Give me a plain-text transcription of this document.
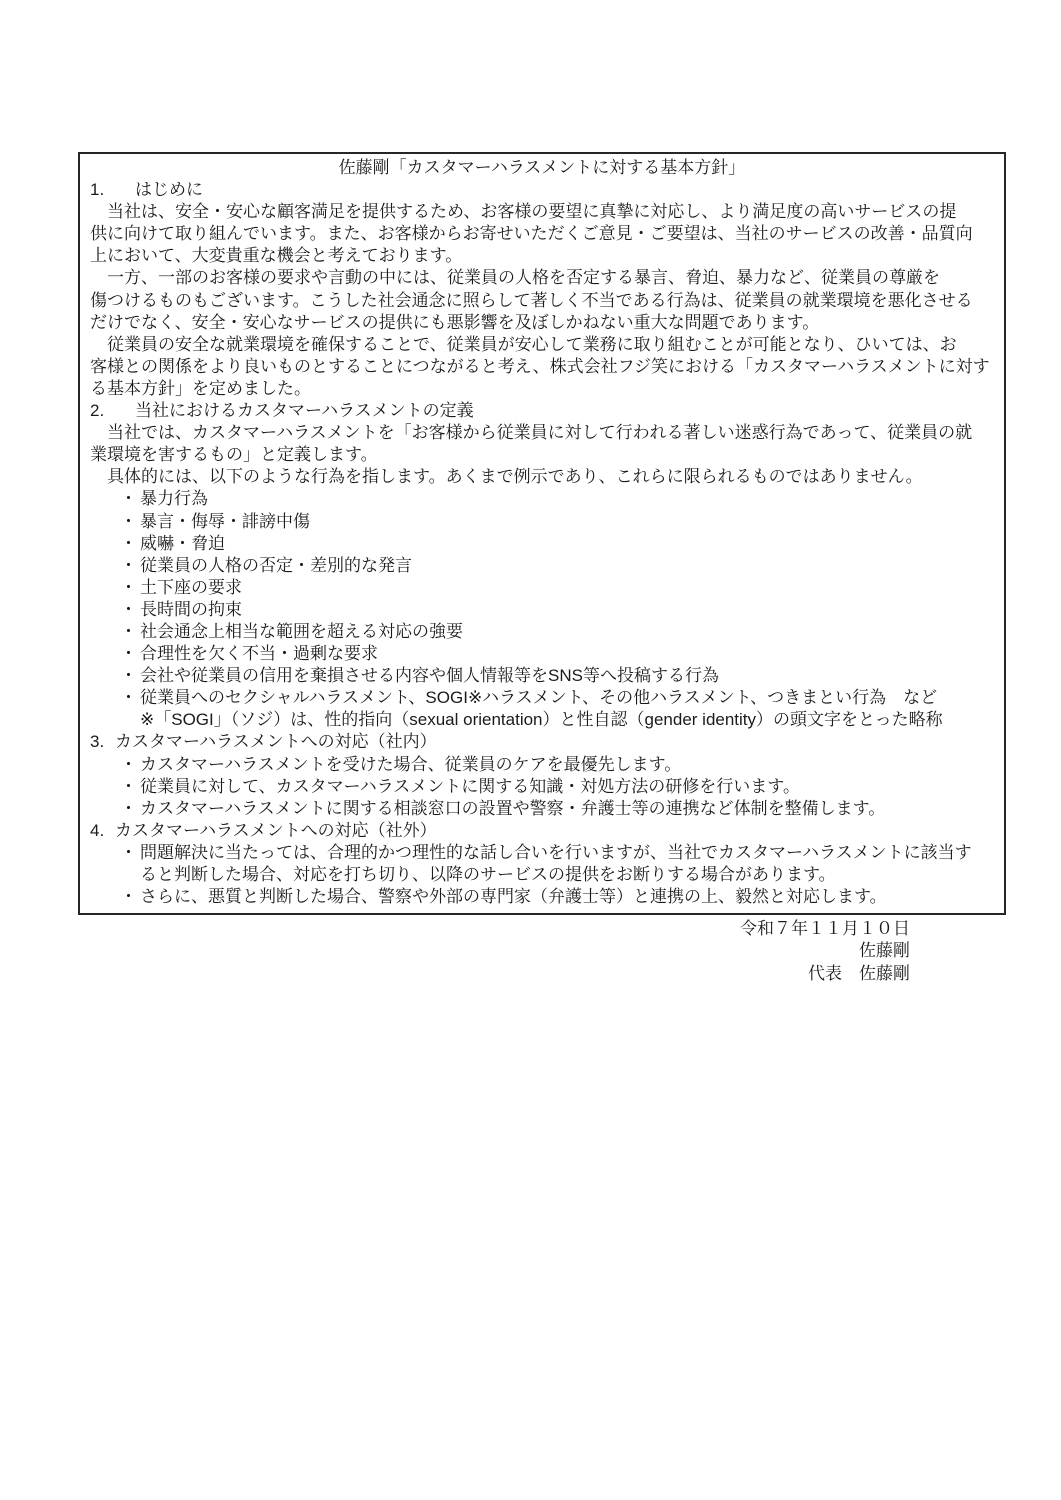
佐藤剛「カスタマーハラスメントに対する基本方針」
1. はじめに
　当社は、安全・安心な顧客満足を提供するため、お客様の要望に真摯に対応し、より満足度の高いサービスの提
供に向けて取り組んでいます。また、お客様からお寄せいただくご意見・ご要望は、当社のサービスの改善・品質向
上において、大変貴重な機会と考えております。
　一方、一部のお客様の要求や言動の中には、従業員の人格を否定する暴言、脅迫、暴力など、従業員の尊厳を
傷つけるものもございます。こうした社会通念に照らして著しく不当である行為は、従業員の就業環境を悪化させる
だけでなく、安全・安心なサービスの提供にも悪影響を及ぼしかねない重大な問題であります。
　従業員の安全な就業環境を確保することで、従業員が安心して業務に取り組むことが可能となり、ひいては、お
客様との関係をより良いものとすることにつながると考え、株式会社フジ笑における「カスタマーハラスメントに対す
る基本方針」を定めました。
2. 当社におけるカスタマーハラスメントの定義
　当社では、カスタマーハラスメントを「お客様から従業員に対して行われる著しい迷惑行為であって、従業員の就
業環境を害するもの」と定義します。
　具体的には、以下のような行為を指します。あくまで例示であり、これらに限られるものではありません。
・ 暴力行為
・ 暴言・侮辱・誹謗中傷
・ 威嚇・脅迫
・ 従業員の人格の否定・差別的な発言
・ 土下座の要求
・ 長時間の拘束
・ 社会通念上相当な範囲を超える対応の強要
・ 合理性を欠く不当・過剰な要求
・ 会社や従業員の信用を棄損させる内容や個人情報等をSNS等へ投稿する行為
・ 従業員へのセクシャルハラスメント、SOGI※ハラスメント、その他ハラスメント、つきまとい行為　など
※「SOGI」（ソジ）は、性的指向（sexual orientation）と性自認（gender identity）の頭文字をとった略称
3. カスタマーハラスメントへの対応（社内）
・ カスタマーハラスメントを受けた場合、従業員のケアを最優先します。
・ 従業員に対して、カスタマーハラスメントに関する知識・対処方法の研修を行います。
・ カスタマーハラスメントに関する相談窓口の設置や警察・弁護士等の連携など体制を整備します。
4. カスタマーハラスメントへの対応（社外）
・ 問題解決に当たっては、合理的かつ理性的な話し合いを行いますが、当社でカスタマーハラスメントに該当す
ると判断した場合、対応を打ち切り、以降のサービスの提供をお断りする場合があります。
・ さらに、悪質と判断した場合、警察や外部の専門家（弁護士等）と連携の上、毅然と対応します。
令和７年１１月１０日
佐藤剛
代表　佐藤剛
